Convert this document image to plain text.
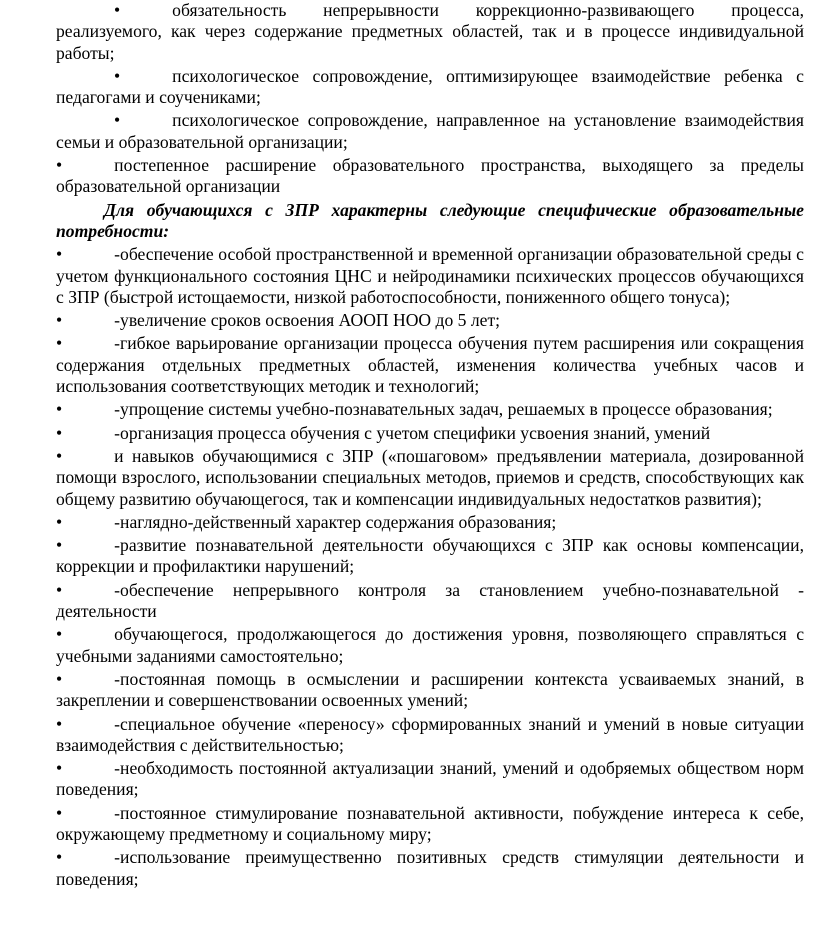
•	обязательность непрерывности коррекционно-развивающего процесса, реализуемого, как через содержание предметных областей, так и в процессе индивидуальной работы;

•	психологическое сопровождение, оптимизирующее взаимодействие ребенка с педагогами и соучениками;

•	психологическое сопровождение, направленное на установление взаимодействия семьи и образовательной организации;

•	постепенное расширение образовательного пространства, выходящего за пределы образовательной организации

Для обучающихся с ЗПР характерны следующие специфические образовательные потребности:

•	-обеспечение особой пространственной и временной организации образовательной среды с учетом функционального состояния ЦНС и нейродинамики психических процессов обучающихся с ЗПР (быстрой истощаемости, низкой работоспособности, пониженного общего тонуса);

•	-увеличение сроков освоения АООП НОО до 5 лет;

•	-гибкое варьирование организации процесса обучения путем расширения или сокращения содержания отдельных предметных областей, изменения количества учебных часов и использования соответствующих методик и технологий;

•	-упрощение системы учебно-познавательных задач, решаемых в процессе образования;

•	-организация процесса обучения с учетом специфики усвоения знаний, умений

•	и навыков обучающимися с ЗПР («пошаговом» предъявлении материала, дозированной помощи взрослого, использовании специальных методов, приемов и средств, способствующих как общему развитию обучающегося, так и компенсации индивидуальных недостатков развития);

•	-наглядно-действенный характер содержания образования;

•	-развитие познавательной деятельности обучающихся с ЗПР как основы компенсации, коррекции и профилактики нарушений;

•	-обеспечение непрерывного контроля за становлением учебно-познавательной - деятельности

•	обучающегося, продолжающегося до достижения уровня, позволяющего справляться с учебными заданиями самостоятельно;

•	-постоянная помощь в осмыслении и расширении контекста усваиваемых знаний, в закреплении и совершенствовании освоенных умений;

•	-специальное обучение «переносу» сформированных знаний и умений в новые ситуации взаимодействия с действительностью;

•	-необходимость постоянной актуализации знаний, умений и одобряемых обществом норм поведения;

•	-постоянное стимулирование познавательной активности, побуждение интереса к себе, окружающему предметному и социальному миру;

•	-использование преимущественно позитивных средств стимуляции деятельности и поведения;
